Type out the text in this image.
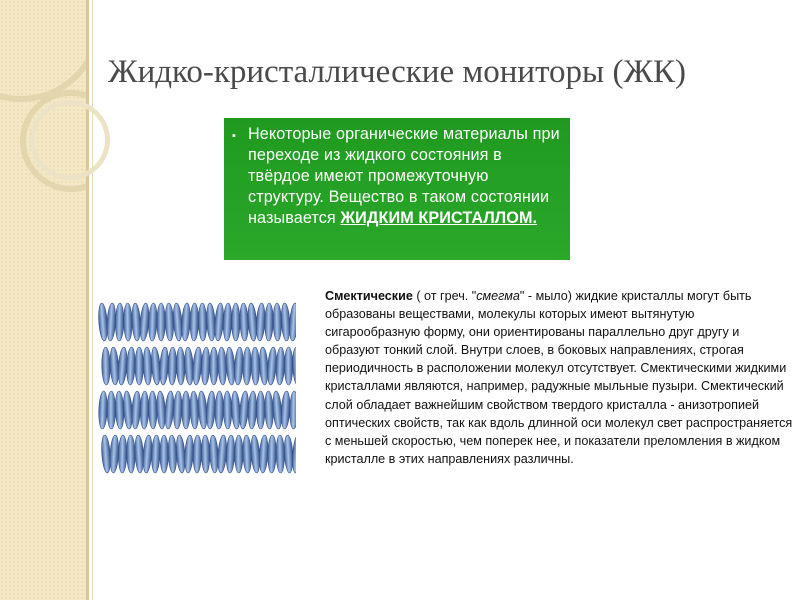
Жидко-кристаллические мониторы (ЖК)
▪ Некоторые органические материалы при переходе из жидкого состояния в твёрдое имеют промежуточную структуру. Вещество в таком состоянии называется ЖИДКИМ КРИСТАЛЛОМ.
Смектические ( от греч. "смегма" - мыло) жидкие кристаллы могут быть образованы веществами, молекулы которых имеют вытянутую сигарообразную форму, они ориентированы параллельно друг другу и образуют тонкий слой. Внутри слоев, в боковых направлениях, строгая периодичность в расположении молекул отсутствует. Смектическими жидкими кристаллами являются, например, радужные мыльные пузыри. Смектический слой обладает важнейшим свойством твердого кристалла - анизотропией оптических свойств, так как вдоль длинной оси молекул свет распространяется с меньшей скоростью, чем поперек нее, и показатели преломления в жидком кристалле в этих направлениях различны.
